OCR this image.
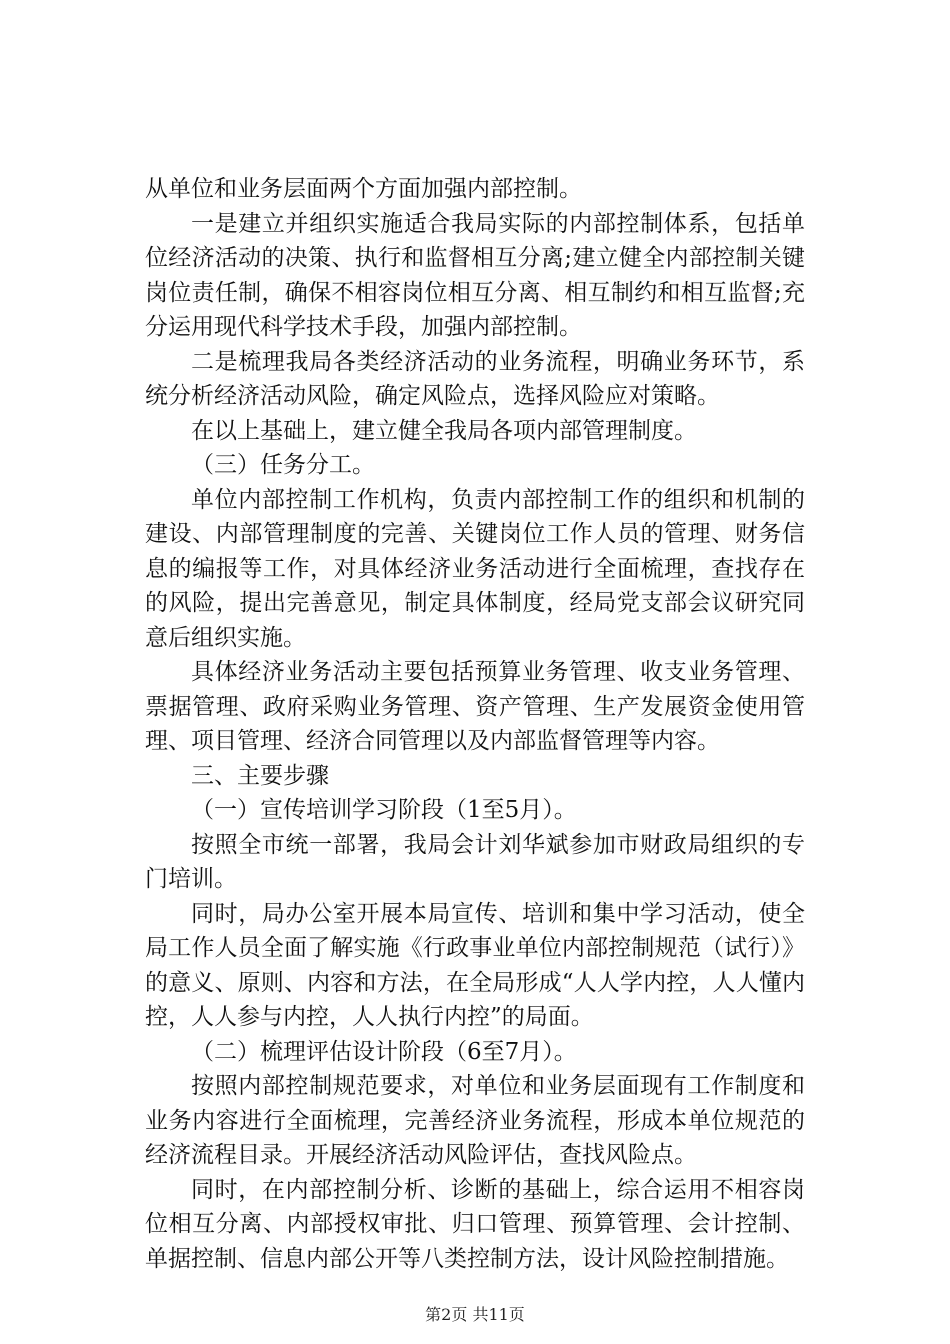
从单位和业务层面两个方面加强内部控制。

一是建立并组织实施适合我局实际的内部控制体系，包括单位经济活动的决策、执行和监督相互分离;建立健全内部控制关键岗位责任制，确保不相容岗位相互分离、相互制约和相互监督;充分运用现代科学技术手段，加强内部控制。

二是梳理我局各类经济活动的业务流程，明确业务环节，系统分析经济活动风险，确定风险点，选择风险应对策略。

在以上基础上，建立健全我局各项内部管理制度。

（三）任务分工。

单位内部控制工作机构，负责内部控制工作的组织和机制的建设、内部管理制度的完善、关键岗位工作人员的管理、财务信息的编报等工作，对具体经济业务活动进行全面梳理，查找存在的风险，提出完善意见，制定具体制度，经局党支部会议研究同意后组织实施。

具体经济业务活动主要包括预算业务管理、收支业务管理、票据管理、政府采购业务管理、资产管理、生产发展资金使用管理、项目管理、经济合同管理以及内部监督管理等内容。

三、主要步骤

（一）宣传培训学习阶段（1至5月）。

按照全市统一部署，我局会计刘华斌参加市财政局组织的专门培训。

同时，局办公室开展本局宣传、培训和集中学习活动，使全局工作人员全面了解实施《行政事业单位内部控制规范（试行）》的意义、原则、内容和方法，在全局形成“人人学内控，人人懂内控，人人参与内控，人人执行内控”的局面。

（二）梳理评估设计阶段（6至7月）。

按照内部控制规范要求，对单位和业务层面现有工作制度和业务内容进行全面梳理，完善经济业务流程，形成本单位规范的经济流程目录。开展经济活动风险评估，查找风险点。

同时，在内部控制分析、诊断的基础上，综合运用不相容岗位相互分离、内部授权审批、归口管理、预算管理、会计控制、单据控制、信息内部公开等八类控制方法，设计风险控制措施。

第2页 共11页
